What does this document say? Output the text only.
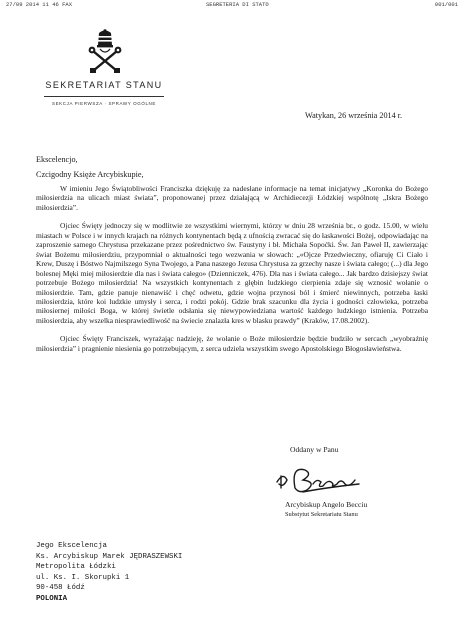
27/09 2014 11 46 FAX	SEGRETERIA DI STATO	001/001
SEKRETARIAT STANU
SEKCJA PIERWSZA · SPRAWY OGÓLNE
Watykan, 26 września 2014 r.
Ekscelencjo,
Czcigodny Księże Arcybiskupie,

W imieniu Jego Świątobliwości Franciszka dziękuję za nadesłane informacje na temat inicjatywy „Koronka do Bożego miłosierdzia na ulicach miast świata”, proponowanej przez działającą w Archidiecezji Łódzkiej wspólnotę „Iskra Bożego miłosierdzia”.

Ojciec Święty jednoczy się w modlitwie ze wszystkimi wiernymi, którzy w dniu 28 września br., o godz. 15.00, w wielu miastach w Polsce i w innych krajach na różnych kontynentach będą z ufnością zwracać się do łaskawości Bożej, odpowiadając na zaproszenie samego Chrystusa przekazane przez pośrednictwo św. Faustyny i bł. Michała Sopoćki. Św. Jan Paweł II, zawierzając świat Bożemu miłosierdziu, przypomniał o aktualności tego wezwania w słowach: „«Ojcze Przedwieczny, ofiaruję Ci Ciało i Krew, Duszę i Bóstwo Najmilszego Syna Twojego, a Pana naszego Jezusa Chrystusa za grzechy nasze i świata całego; (...) dla Jego bolesnej Męki miej miłosierdzie dla nas i świata całego» (Dzienniczek, 476). Dla nas i świata całego... Jak bardzo dzisiejszy świat potrzebuje Bożego miłosierdzia! Na wszystkich kontynentach z głębin ludzkiego cierpienia zdaje się wznosić wołanie o miłosierdzie. Tam, gdzie panuje nienawiść i chęć odwetu, gdzie wojna przynosi ból i śmierć niewinnych, potrzeba łaski miłosierdzia, które koi ludzkie umysły i serca, i rodzi pokój. Gdzie brak szacunku dla życia i godności człowieka, potrzeba miłosiernej miłości Boga, w której świetle odsłania się niewypowiedziana wartość każdego ludzkiego istnienia. Potrzeba miłosierdzia, aby wszelka niesprawiedliwość na świecie znalazła kres w blasku prawdy” (Kraków, 17.08.2002).

Ojciec Święty Franciszek, wyrażając nadzieję, że wołanie o Boże miłosierdzie będzie budziło w sercach „wyobraźnię miłosierdzia” i pragnienie niesienia go potrzebującym, z serca udziela wszystkim swego Apostolskiego Błogosławieństwa.

Oddany w Panu
Arcybiskup Angelo Becciu
Substytut Sekretariatu Stanu
Jego Ekscelencja
Ks. Arcybiskup Marek JĘDRASZEWSKI
Metropolita Łódzki
ul. Ks. I. Skorupki 1
90-458 Łódź
POLONIA
